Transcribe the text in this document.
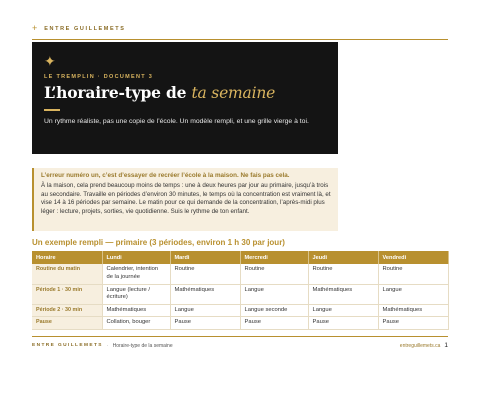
+ ENTRE GUILLEMETS
✦
LE TREMPLIN · DOCUMENT 3
L’horaire-type de ta semaine

Un rythme réaliste, pas une copie de l’école. Un modèle rempli, et une grille vierge à toi.

L’erreur numéro un, c’est d’essayer de recréer l’école à la maison. Ne fais pas cela.

À la maison, cela prend beaucoup moins de temps : une à deux heures par jour au primaire, jusqu’à trois au secondaire. Travaille en périodes d’environ 30 minutes, le temps où la concentration est vraiment là, et vise 14 à 16 périodes par semaine. Le matin pour ce qui demande de la concentration, l’après-midi plus léger : lecture, projets, sorties, vie quotidienne. Suis le rythme de ton enfant.

Un exemple rempli — primaire (3 périodes, environ 1 h 30 par jour)
Horaire	Lundi	Mardi	Mercredi	Jeudi	Vendredi
Routine du matin	Calendrier, intention de la journée	Routine	Routine	Routine	Routine
Période 1 · 30 min	Langue (lecture / écriture)	Mathématiques	Langue	Mathématiques	Langue
Période 2 · 30 min	Mathématiques	Langue	Langue seconde	Langue	Mathématiques
Pause	Collation, bouger	Pause	Pause	Pause	Pause
ENTRE GUILLEMETS · Horaire-type de la semaine	entreguillemets.ca 1
